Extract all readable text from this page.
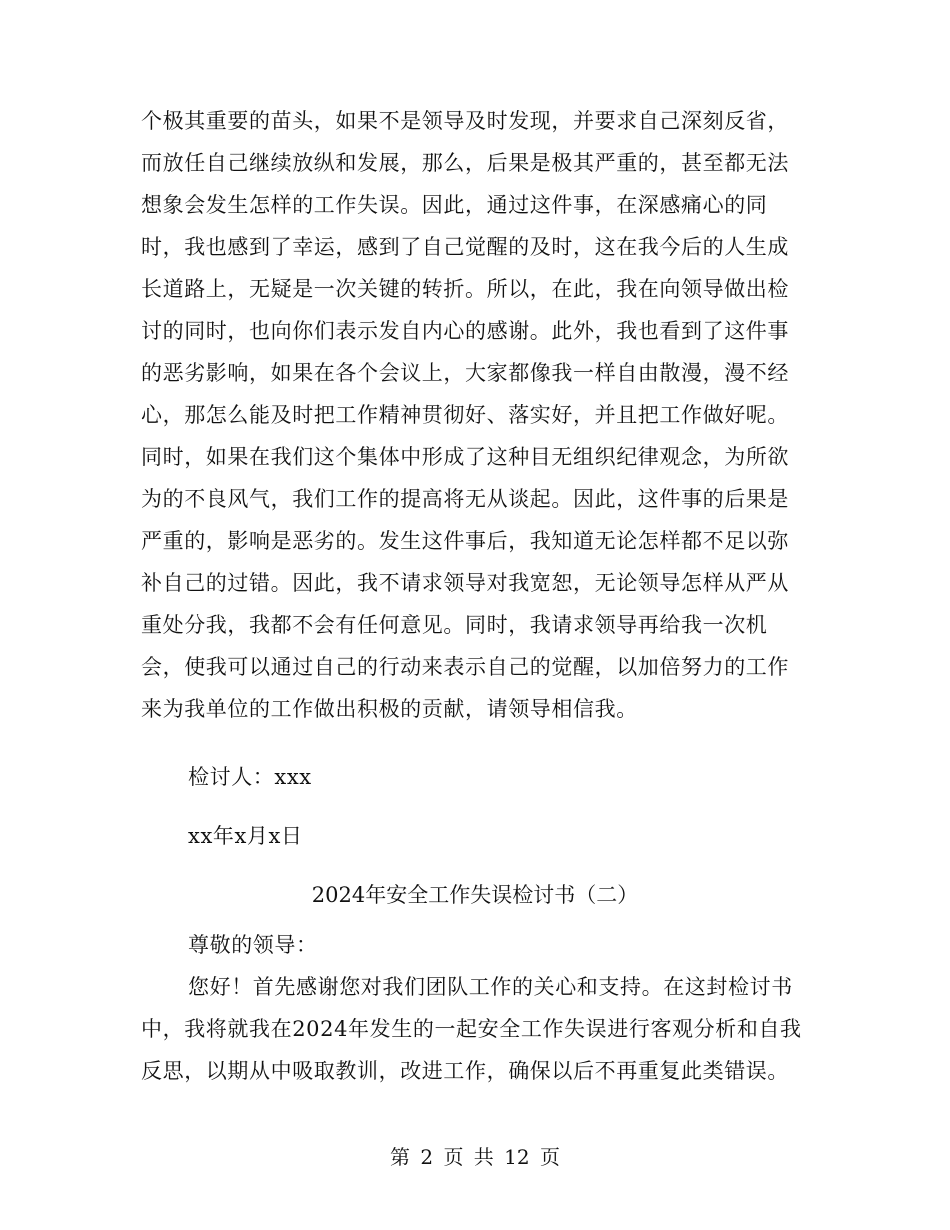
个极其重要的苗头，如果不是领导及时发现，并要求自己深刻反省，
而放任自己继续放纵和发展，那么，后果是极其严重的，甚至都无法
想象会发生怎样的工作失误。因此，通过这件事，在深感痛心的同
时，我也感到了幸运，感到了自己觉醒的及时，这在我今后的人生成
长道路上，无疑是一次关键的转折。所以，在此，我在向领导做出检
讨的同时，也向你们表示发自内心的感谢。此外，我也看到了这件事
的恶劣影响，如果在各个会议上，大家都像我一样自由散漫，漫不经
心，那怎么能及时把工作精神贯彻好、落实好，并且把工作做好呢。
同时，如果在我们这个集体中形成了这种目无组织纪律观念，为所欲
为的不良风气，我们工作的提高将无从谈起。因此，这件事的后果是
严重的，影响是恶劣的。发生这件事后，我知道无论怎样都不足以弥
补自己的过错。因此，我不请求领导对我宽恕，无论领导怎样从严从
重处分我，我都不会有任何意见。同时，我请求领导再给我一次机
会，使我可以通过自己的行动来表示自己的觉醒，以加倍努力的工作
来为我单位的工作做出积极的贡献，请领导相信我。
检讨人：xxx
xx年x月x日
2024年安全工作失误检讨书（二）
尊敬的领导：
您好！首先感谢您对我们团队工作的关心和支持。在这封检讨书
中，我将就我在2024年发生的一起安全工作失误进行客观分析和自我
反思，以期从中吸取教训，改进工作，确保以后不再重复此类错误。
第 2 页 共 12 页
